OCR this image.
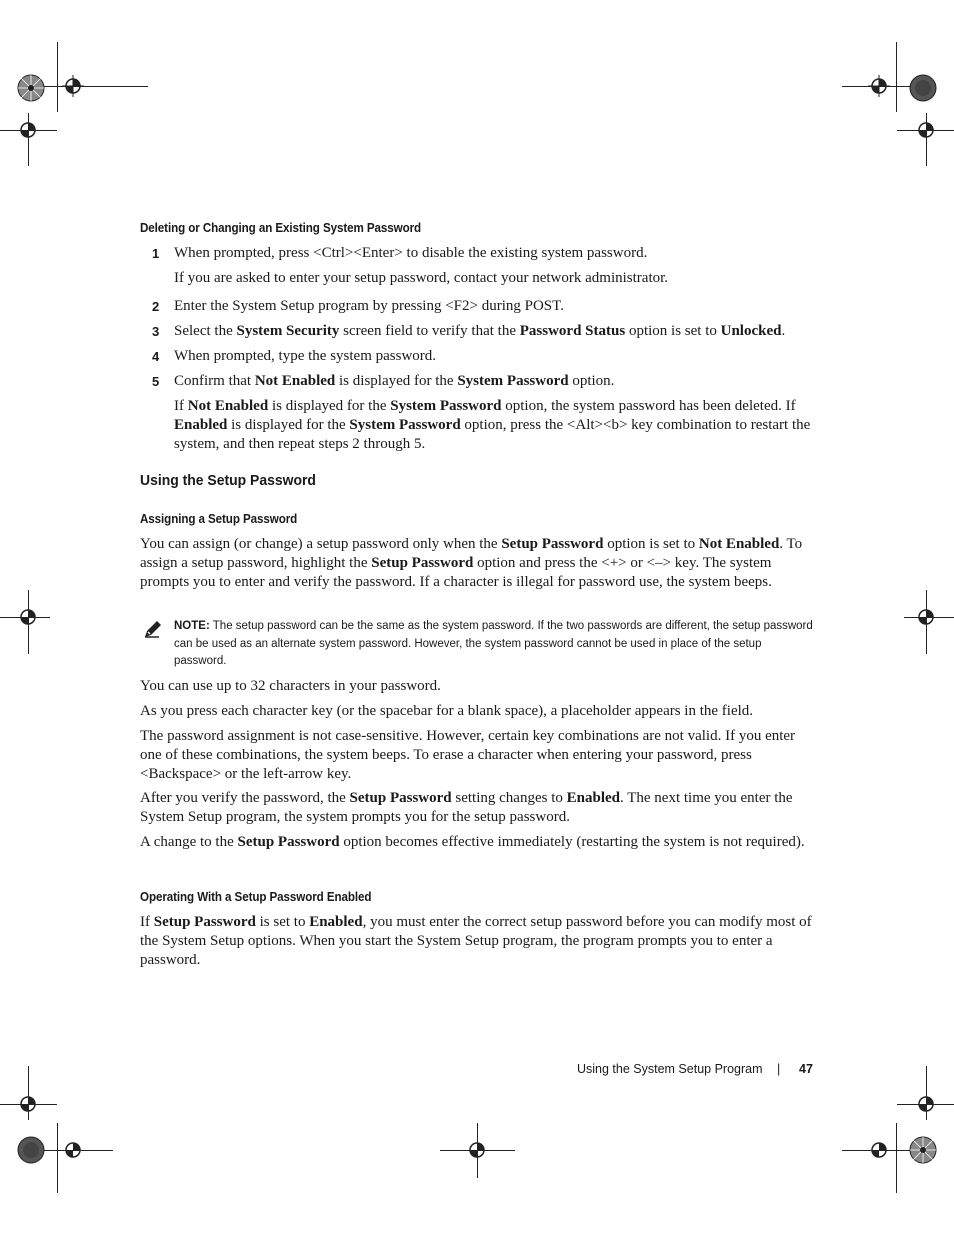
Deleting or Changing an Existing System Password
1 When prompted, press <Ctrl><Enter> to disable the existing system password.
If you are asked to enter your setup password, contact your network administrator.
2 Enter the System Setup program by pressing <F2> during POST.
3 Select the System Security screen field to verify that the Password Status option is set to Unlocked.
4 When prompted, type the system password.
5 Confirm that Not Enabled is displayed for the System Password option.
If Not Enabled is displayed for the System Password option, the system password has been deleted. If Enabled is displayed for the System Password option, press the <Alt><b> key combination to restart the system, and then repeat steps 2 through 5.
Using the Setup Password
Assigning a Setup Password
You can assign (or change) a setup password only when the Setup Password option is set to Not Enabled. To assign a setup password, highlight the Setup Password option and press the <+> or <–> key. The system prompts you to enter and verify the password. If a character is illegal for password use, the system beeps.
NOTE: The setup password can be the same as the system password. If the two passwords are different, the setup password can be used as an alternate system password. However, the system password cannot be used in place of the setup password.
You can use up to 32 characters in your password.
As you press each character key (or the spacebar for a blank space), a placeholder appears in the field.
The password assignment is not case-sensitive. However, certain key combinations are not valid. If you enter one of these combinations, the system beeps. To erase a character when entering your password, press <Backspace> or the left-arrow key.
After you verify the password, the Setup Password setting changes to Enabled. The next time you enter the System Setup program, the system prompts you for the setup password.
A change to the Setup Password option becomes effective immediately (restarting the system is not required).
Operating With a Setup Password Enabled
If Setup Password is set to Enabled, you must enter the correct setup password before you can modify most of the System Setup options. When you start the System Setup program, the program prompts you to enter a password.
Using the System Setup Program | 47
